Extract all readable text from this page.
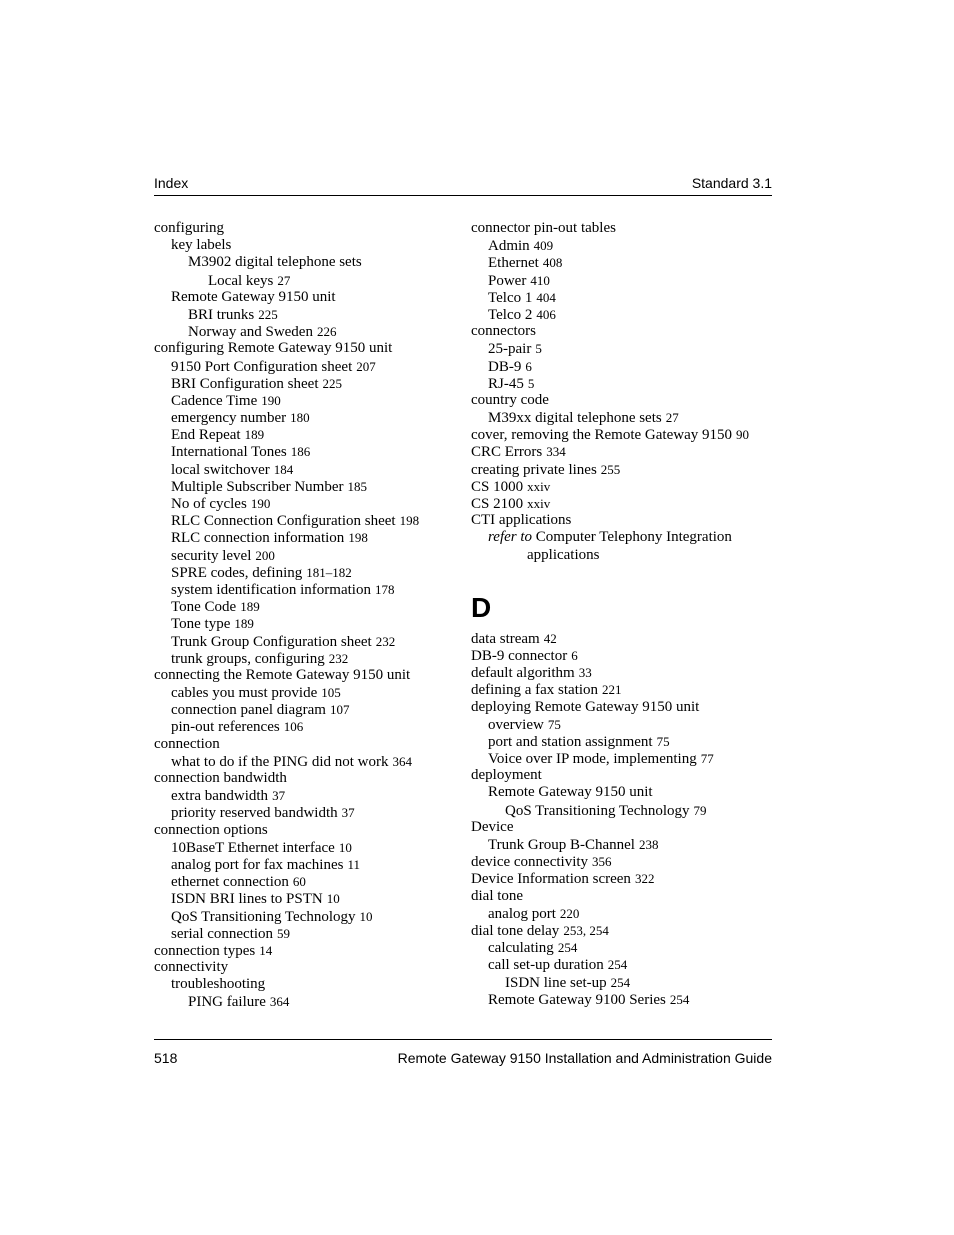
Index	Standard 3.1
configuring
key labels
M3902 digital telephone sets
Local keys 27
Remote Gateway 9150 unit
BRI trunks 225
Norway and Sweden 226
configuring Remote Gateway 9150 unit
9150 Port Configuration sheet 207
BRI Configuration sheet 225
Cadence Time 190
emergency number 180
End Repeat 189
International Tones 186
local switchover 184
Multiple Subscriber Number 185
No of cycles 190
RLC Connection Configuration sheet 198
RLC connection information 198
security level 200
SPRE codes, defining 181–182
system identification information 178
Tone Code 189
Tone type 189
Trunk Group Configuration sheet 232
trunk groups, configuring 232
connecting the Remote Gateway 9150 unit
cables you must provide 105
connection panel diagram 107
pin-out references 106
connection
what to do if the PING did not work 364
connection bandwidth
extra bandwidth 37
priority reserved bandwidth 37
connection options
10BaseT Ethernet interface 10
analog port for fax machines 11
ethernet connection 60
ISDN BRI lines to PSTN 10
QoS Transitioning Technology 10
serial connection 59
connection types 14
connectivity
troubleshooting
PING failure 364
connector pin-out tables
Admin 409
Ethernet 408
Power 410
Telco 1 404
Telco 2 406
connectors
25-pair 5
DB-9 6
RJ-45 5
country code
M39xx digital telephone sets 27
cover, removing the Remote Gateway 9150 90
CRC Errors 334
creating private lines 255
CS 1000 xxiv
CS 2100 xxiv
CTI applications
refer to Computer Telephony Integration
applications
D
data stream 42
DB-9 connector 6
default algorithm 33
defining a fax station 221
deploying Remote Gateway 9150 unit
overview 75
port and station assignment 75
Voice over IP mode, implementing 77
deployment
Remote Gateway 9150 unit
QoS Transitioning Technology 79
Device
Trunk Group B-Channel 238
device connectivity 356
Device Information screen 322
dial tone
analog port 220
dial tone delay 253, 254
calculating 254
call set-up duration 254
ISDN line set-up 254
Remote Gateway 9100 Series 254
518	Remote Gateway 9150 Installation and Administration Guide
